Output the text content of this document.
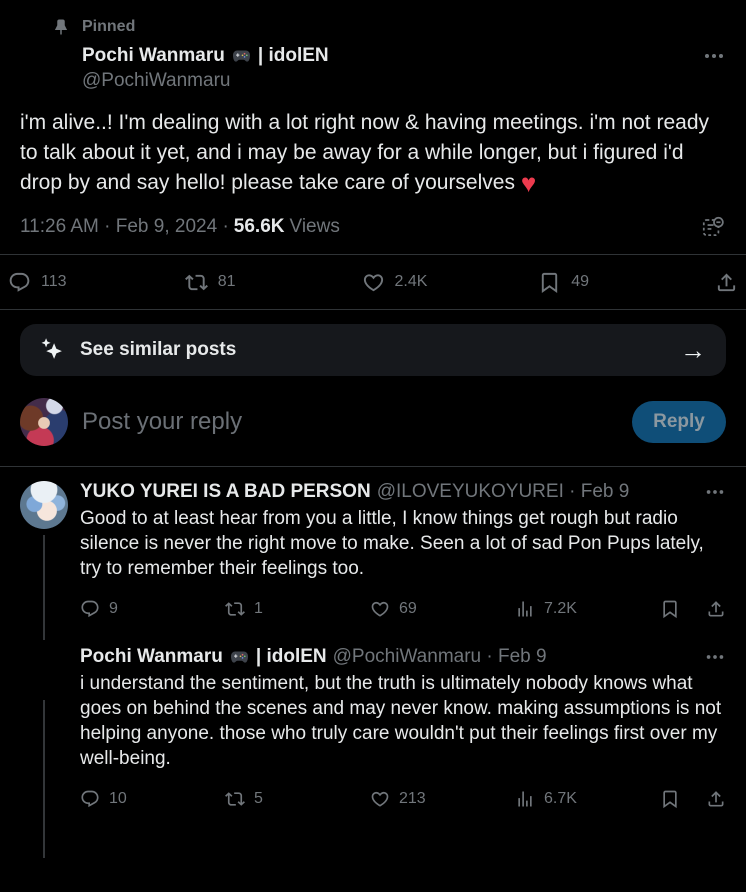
Pinned
Pochi Wanmaru | idolEN
@PochiWanmaru
i'm alive..! I'm dealing with a lot right now & having meetings. i'm not ready to talk about it yet, and i may be away for a while longer, but i figured i'd drop by and say hello! please take care of yourselves ♥
11:26 AM · Feb 9, 2024 · 56.6K Views
113	81	2.4K	49
See similar posts	→
Post your reply
Reply
YUKO YUREI IS A BAD PERSON @ILOVEYUKOYUREI · Feb 9
Good to at least hear from you a little, I know things get rough but radio silence is never the right move to make. Seen a lot of sad Pon Pups lately, try to remember their feelings too.
9	1	69	7.2K
Pochi Wanmaru | idolEN @PochiWanmaru · Feb 9
i understand the sentiment, but the truth is ultimately nobody knows what goes on behind the scenes and may never know. making assumptions is not helping anyone. those who truly care wouldn't put their feelings first over my well-being.
10	5	213	6.7K
